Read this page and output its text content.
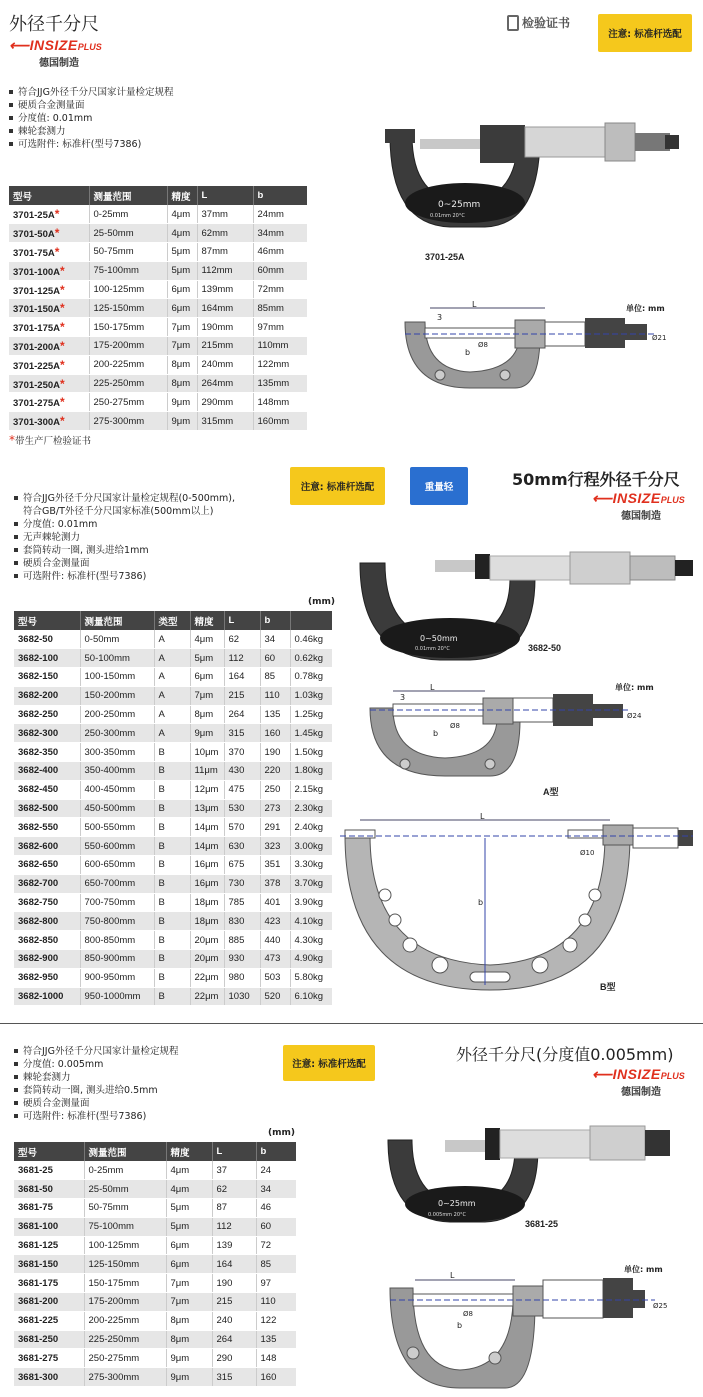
外径千分尺
⟵INSIZEPLUS
德国制造
检验证书
注意: 标准杆选配
符合JJG外径千分尺国家计量检定规程
硬质合金测量面
分度值: 0.01mm
棘轮套测力
可选附件: 标准杆(型号7386)
型号	测量范围	精度	L	b
3701-25A*	0-25mm	4μm	37mm	24mm
3701-50A*	25-50mm	4μm	62mm	34mm
3701-75A*	50-75mm	5μm	87mm	46mm
3701-100A*	75-100mm	5μm	112mm	60mm
3701-125A*	100-125mm	6μm	139mm	72mm
3701-150A*	125-150mm	6μm	164mm	85mm
3701-175A*	150-175mm	7μm	190mm	97mm
3701-200A*	175-200mm	7μm	215mm	110mm
3701-225A*	200-225mm	8μm	240mm	122mm
3701-250A*	225-250mm	8μm	264mm	135mm
3701-275A*	250-275mm	9μm	290mm	148mm
3701-300A*	275-300mm	9μm	315mm	160mm
*带生产厂检验证书
0~25mm
0.01mm 20°C
3701-25A
L
3
b
Ø8
Ø21
单位: mm
注意: 标准杆选配	重量轻	50mm行程外径千分尺
⟵INSIZEPLUS
德国制造
符合JJG外径千分尺国家计量检定规程(0-500mm),
符合GB/T外径千分尺国家标准(500mm以上)
分度值: 0.01mm
无声棘轮测力
套筒转动一圈, 测头进给1mm
硬质合金测量面
可选附件: 标准杆(型号7386)
(mm)
型号	测量范围	类型	精度	L	b	
3682-50	0-50mm	A	4μm	62	34	0.46kg
3682-100	50-100mm	A	5μm	112	60	0.62kg
3682-150	100-150mm	A	6μm	164	85	0.78kg
3682-200	150-200mm	A	7μm	215	110	1.03kg
3682-250	200-250mm	A	8μm	264	135	1.25kg
3682-300	250-300mm	A	9μm	315	160	1.45kg
3682-350	300-350mm	B	10μm	370	190	1.50kg
3682-400	350-400mm	B	11μm	430	220	1.80kg
3682-450	400-450mm	B	12μm	475	250	2.15kg
3682-500	450-500mm	B	13μm	530	273	2.30kg
3682-550	500-550mm	B	14μm	570	291	2.40kg
3682-600	550-600mm	B	14μm	630	323	3.00kg
3682-650	600-650mm	B	16μm	675	351	3.30kg
3682-700	650-700mm	B	16μm	730	378	3.70kg
3682-750	700-750mm	B	18μm	785	401	3.90kg
3682-800	750-800mm	B	18μm	830	423	4.10kg
3682-850	800-850mm	B	20μm	885	440	4.30kg
3682-900	850-900mm	B	20μm	930	473	4.90kg
3682-950	900-950mm	B	22μm	980	503	5.80kg
3682-1000	950-1000mm	B	22μm	1030	520	6.10kg
0~50mm
0.01mm 20°C	3682-50
L
3
b
Ø8
Ø24
单位: mm
A型
L
b
Ø10
B型
注意: 标准杆选配
外径千分尺(分度值0.005mm)
⟵INSIZEPLUS
德国制造
符合JJG外径千分尺国家计量检定规程
分度值: 0.005mm
棘轮套测力
套筒转动一圈, 测头进给0.5mm
硬质合金测量面
可选附件: 标准杆(型号7386)
(mm)
型号	测量范围	精度	L	b
3681-25	0-25mm	4μm	37	24
3681-50	25-50mm	4μm	62	34
3681-75	50-75mm	5μm	87	46
3681-100	75-100mm	5μm	112	60
3681-125	100-125mm	6μm	139	72
3681-150	125-150mm	6μm	164	85
3681-175	150-175mm	7μm	190	97
3681-200	175-200mm	7μm	215	110
3681-225	200-225mm	8μm	240	122
3681-250	225-250mm	8μm	264	135
3681-275	250-275mm	9μm	290	148
3681-300	275-300mm	9μm	315	160
0~25mm
0.005mm 20°C
3681-25
L
b
Ø8
Ø25
单位: mm
